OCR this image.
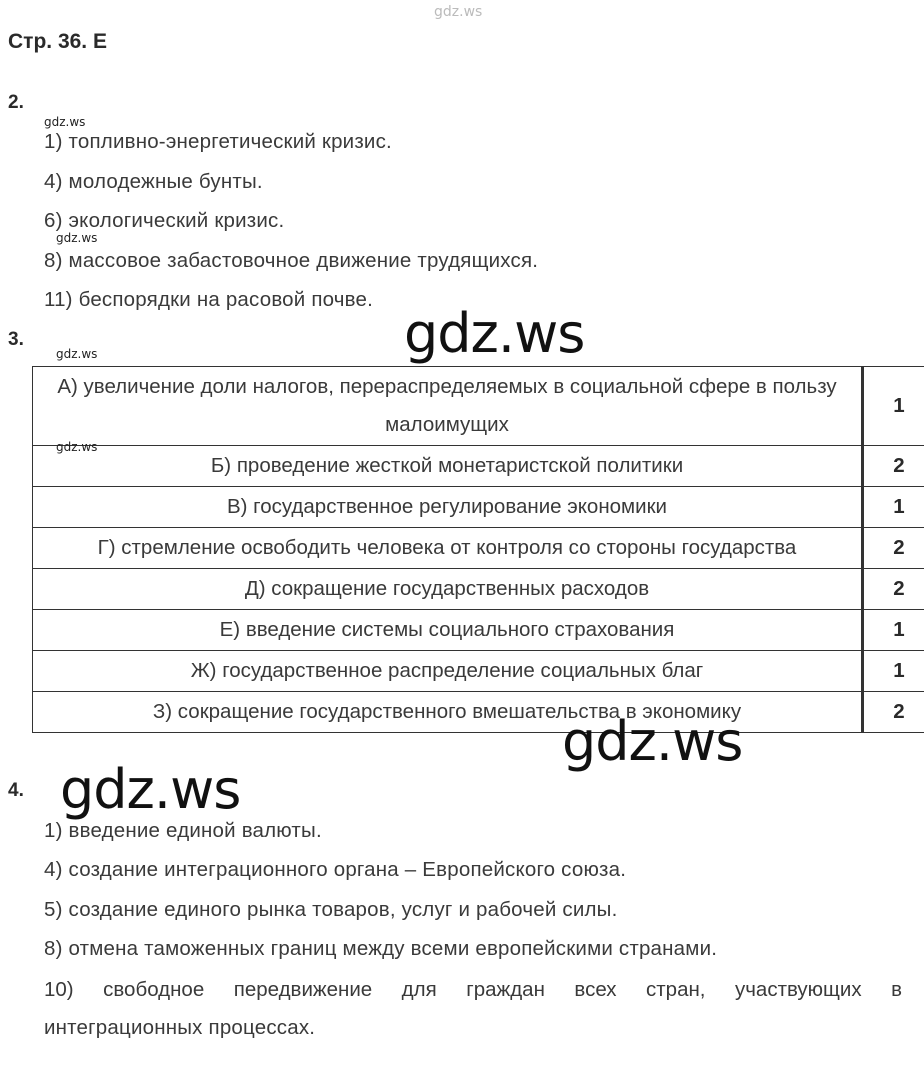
gdz.ws
Стр. 36. Е
2.
gdz.ws
1) топливно-энергетический кризис.
4) молодежные бунты.
6) экологический кризис.
gdz.ws
8) массовое забастовочное движение трудящихся.
11) беспорядки на расовой почве.
gdz.ws
3.
gdz.ws
А) увеличение доли налогов, перераспределяемых в социальной сфере в пользу малоимущих	1
Б) проведение жесткой монетаристской политики	2
В) государственное регулирование экономики	1
Г) стремление освободить человека от контроля со стороны государства	2
Д) сокращение государственных расходов	2
Е) введение системы социального страхования	1
Ж) государственное распределение социальных благ	1
З) сокращение государственного вмешательства в экономику	2
gdz.ws
gdz.ws
4. gdz.ws
1) введение единой валюты.
4) создание интеграционного органа – Европейского союза.
5) создание единого рынка товаров, услуг и рабочей силы.
8) отмена таможенных границ между всеми европейскими странами.
10) свободное передвижение для граждан всех стран, участвующих в
интеграционных процессах.
